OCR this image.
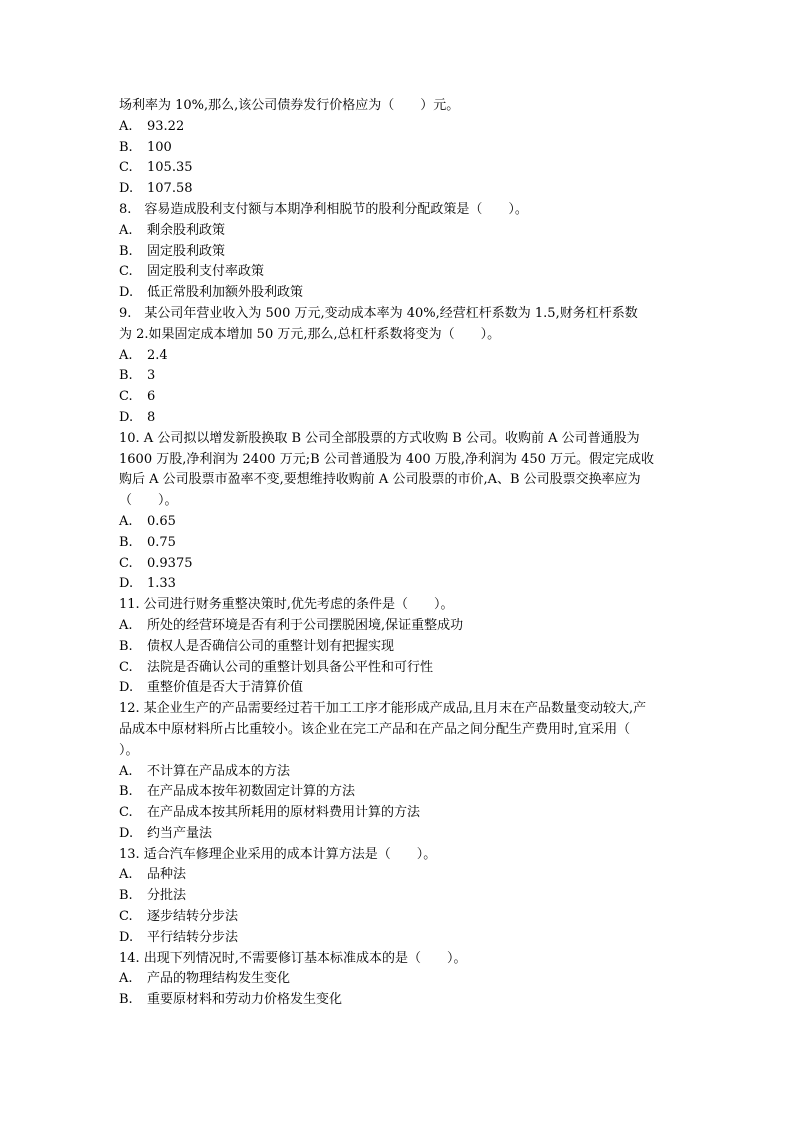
场利率为 10%,那么,该公司债券发行价格应为（　　）元。
A. 93.22
B. 100
C. 105.35
D. 107.58
8.　容易造成股利支付额与本期净利相脱节的股利分配政策是（　　）。
A. 剩余股利政策
B. 固定股利政策
C. 固定股利支付率政策
D. 低正常股利加额外股利政策
9.　某公司年营业收入为 500 万元,变动成本率为 40%,经营杠杆系数为 1.5,财务杠杆系数
为 2.如果固定成本增加 50 万元,那么,总杠杆系数将变为（　　）。
A. 2.4
B. 3
C. 6
D. 8
10. A 公司拟以增发新股换取 B 公司全部股票的方式收购 B 公司。收购前 A 公司普通股为
1600 万股,净利润为 2400 万元;B 公司普通股为 400 万股,净利润为 450 万元。假定完成收
购后 A 公司股票市盈率不变,要想维持收购前 A 公司股票的市价,A、B 公司股票交换率应为
（　　）。
A. 0.65
B. 0.75
C. 0.9375
D. 1.33
11. 公司进行财务重整决策时,优先考虑的条件是（　　）。
A. 所处的经营环境是否有利于公司摆脱困境,保证重整成功
B. 债权人是否确信公司的重整计划有把握实现
C. 法院是否确认公司的重整计划具备公平性和可行性
D. 重整价值是否大于清算价值
12. 某企业生产的产品需要经过若干加工工序才能形成产成品,且月末在产品数量变动较大,产
品成本中原材料所占比重较小。该企业在完工产品和在产品之间分配生产费用时,宜采用（
）。
A. 不计算在产品成本的方法
B. 在产品成本按年初数固定计算的方法
C. 在产品成本按其所耗用的原材料费用计算的方法
D. 约当产量法
13. 适合汽车修理企业采用的成本计算方法是（　　）。
A. 品种法
B. 分批法
C. 逐步结转分步法
D. 平行结转分步法
14. 出现下列情况时,不需要修订基本标准成本的是（　　）。
A. 产品的物理结构发生变化
B. 重要原材料和劳动力价格发生变化
